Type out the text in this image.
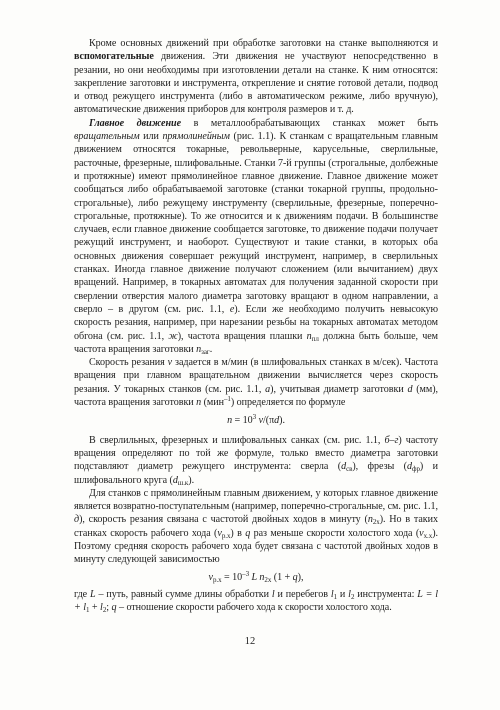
Кроме основных движений при обработке заготовки на станке выполняются и вспомогательные движения. Эти движения не участвуют непосредственно в резании, но они необходимы при изготовлении детали на станке. К ним относятся: закрепление заготовки и инструмента, открепление и снятие готовой детали, подвод и отвод режущего инструмента (либо в автоматическом режиме, либо вручную), автоматические движения приборов для контроля размеров и т. д.

Главное движение в металлообрабатывающих станках может быть вращательным или прямолинейным (рис. 1.1). К станкам с вращательным главным движением относятся токарные, револьверные, карусельные, сверлильные, расточные, фрезерные, шлифовальные. Станки 7-й группы (строгальные, долбежные и протяжные) имеют прямолинейное главное движение. Главное движение может сообщаться либо обрабатываемой заготовке (станки токарной группы, продольно-строгальные), либо режущему инструменту (сверлильные, фрезерные, поперечно-строгальные, протяжные). То же относится и к движениям подачи. В большинстве случаев, если главное движение сообщается заготовке, то движение подачи получает режущий инструмент, и наоборот. Существуют и такие станки, в которых оба основных движения совершает режущий инструмент, например, в сверлильных станках. Иногда главное движение получают сложением (или вычитанием) двух вращений. Например, в токарных автоматах для получения заданной скорости при сверлении отверстия малого диаметра заготовку вращают в одном направлении, а сверло – в другом (см. рис. 1.1, е). Если же необходимо получить невысокую скорость резания, например, при нарезании резьбы на токарных автоматах методом обгона (см. рис. 1.1, ж), частота вращения плашки $n_{пл}$ должна быть больше, чем частота вращения заготовки $n_{заг}$.

Скорость резания v задается в м/мин (в шлифовальных станках в м/сек). Частота вращения при главном вращательном движении вычисляется через скорость резания. У токарных станков (см. рис. 1.1, а), учитывая диаметр заготовки d (мм), частота вращения заготовки n (мин$^{-1}$) определяется по формуле

$n = 10^3$ v/(πd).

В сверлильных, фрезерных и шлифовальных санках (см. рис. 1.1, б–г) частоту вращения определяют по той же формуле, только вместо диаметра заготовки подставляют диаметр режущего инструмента: сверла $(d_{св})$, фрезы $(d_{фр})$ и шлифовального круга $(d_{ш.к})$.

Для станков с прямолинейным главным движением, у которых главное движение является возвратно-поступательным (например, поперечно-строгальные, см. рис. 1.1, д), скорость резания связана с частотой двойных ходов в минуту $(n_{2x})$. Но в таких станках скорость рабочего хода $(v_{р.х})$ в q раз меньше скорости холостого хода $(v_{х.х})$. Поэтому средняя скорость рабочего хода будет связана с частотой двойных ходов в минуту следующей зависимостью

$v_{р.х} = 10^{-3}$ L $n_{2x}$ (1 + q),

где L – путь, равный сумме длины обработки l и перебегов $l_1$ и $l_2$ инструмента: $L = l + l_1 + l_2$; q – отношение скорости рабочего хода к скорости холостого хода.

12
